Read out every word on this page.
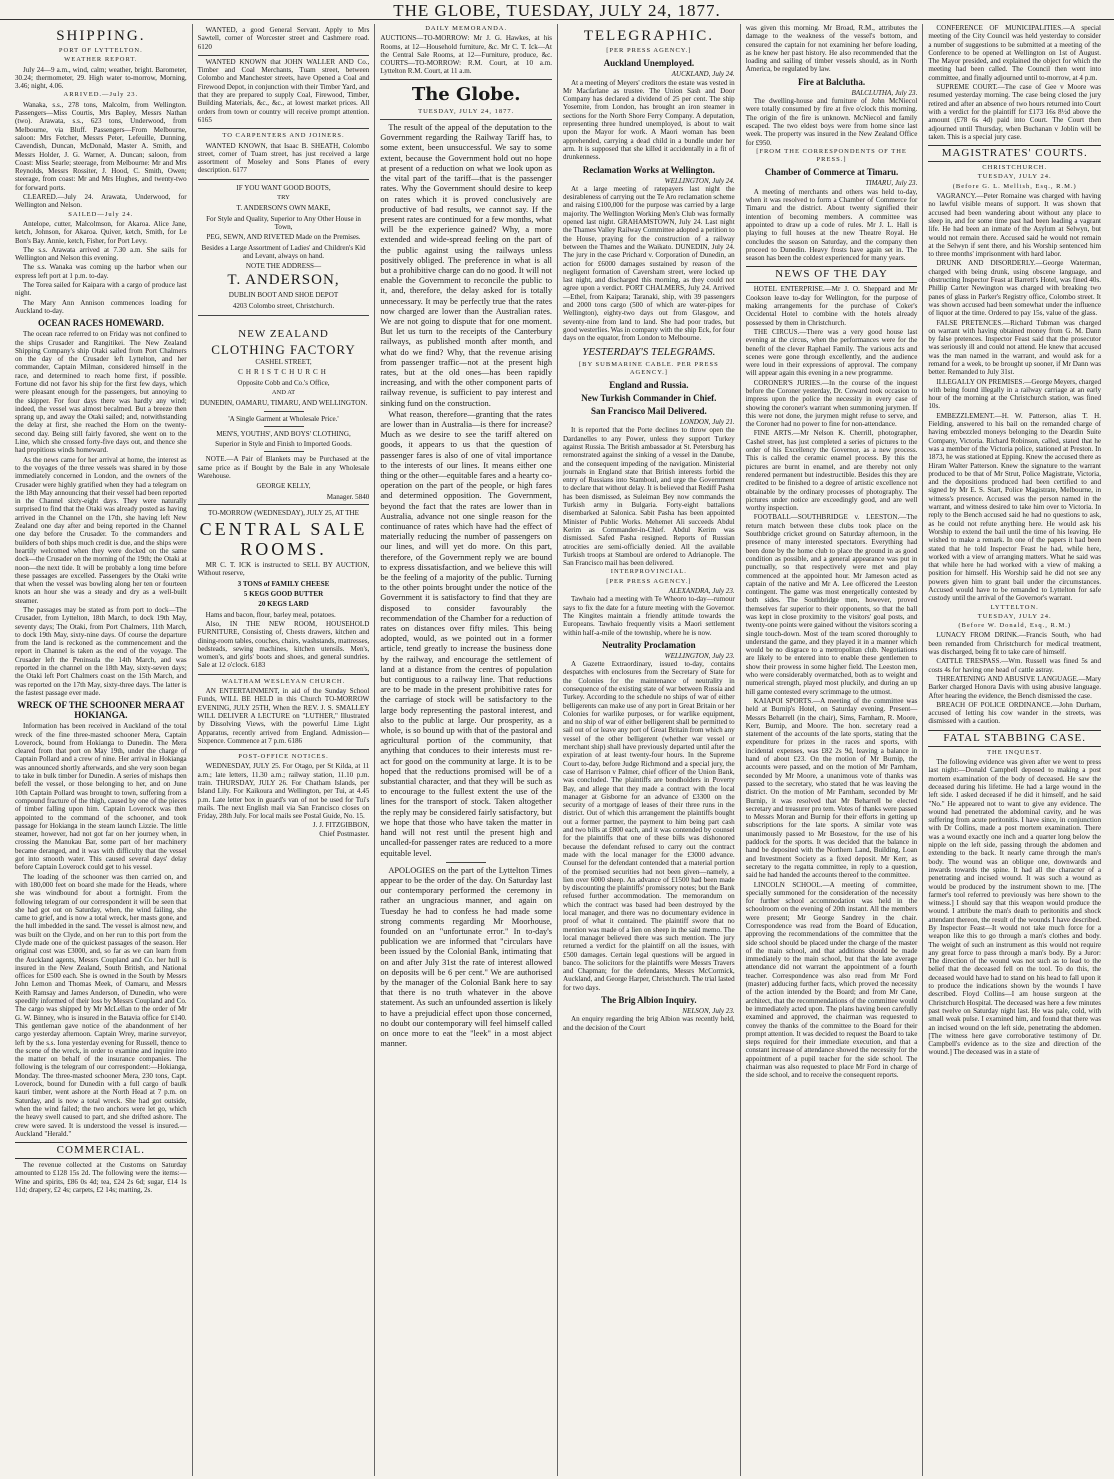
THE GLOBE, TUESDAY, JULY 24, 1877.
SHIPPING.
PORT OF LYTTELTON.
WEATHER REPORT.

July 24—9 a.m., wind, calm; weather, bright. Barometer, 30.24; thermometer, 29. High water to-morrow, Morning, 3.46; night, 4.06.

ARRIVED.—July 23.

Wanaka, s.s., 278 tons, Malcolm, from Wellington. Passengers—Miss Courtis, Mrs Bapley, Messrs Nathan (two). Arawata, s.s., 623 tons, Underwood, from Melbourne, via Bluff. Passengers—From Melbourne, saloon: Mrs Fetcher, Messrs Peter, Lefeuille, Dunning, Cavendish, Duncan, McDonald, Master A. Smith, and Messrs Holder, J. G. Warner, A. Duncan; saloon, from Coast: Miss Searle; steerage, from Melbourne: Mr and Mrs Reynolds, Messrs Rossiter, J. Hood, C. Smith, Owen; steerage, from coast: Mr and Mrs Hughes, and twenty-two for forward ports.

CLEARED.—July 24. Arawata, Underwood, for Wellington and Nelson.

SAILED—July 24.

Antelope, cutter, Malcolmson, for Akaroa. Alice Jane, ketch, Johnson, for Akaroa. Quiver, ketch, Smith, for Le Bon's Bay. Annie, ketch, Fisher, for Port Levy.

The s.s. Arawata arrived at 7.30 a.m. She sails for Wellington and Nelson this evening.

The s.s. Wanaka was coming up the harbor when our express left port at 1 p.m. to-day.

The Torea sailed for Kaipara with a cargo of produce last night.

The Mary Ann Annison commences loading for Auckland to-day.

OCEAN RACES HOMEWARD.

The ocean race referred to on Friday was not confined to the ships Crusader and Rangitikei. The New Zealand Shipping Company's ship Otaki sailed from Port Chalmers on the day of the Crusader left Lyttelton, and her commander, Captain Milman, considered himself in the race, and determined to reach home first, if possible. Fortune did not favor his ship for the first few days, which were pleasant enough for the passengers, but annoying to the skipper. For four days there was hardly any wind; indeed, the vessel was almost becalmed. But a breeze then sprang up, and away the Otaki sailed; and, notwithstanding the delay at first, she reached the Horn on the twenty-second day. Being still fairly favored, she went on to the Line, which she crossed forty-five days out, and thence she had propitious winds homeward.

As the news came for her arrival at home, the interest as to the voyages of the three vessels was shared in by those immediately concerned in London, and the owners of the Crusader were highly gratified when they had a telegram on the 18th May announcing that their vessel had been reported in the Channel sixty-eight days. They were naturally surprised to find that the Otaki was already posted as having arrived in the Channel on the 17th, she having left New Zealand one day after and being reported in the Channel one day before the Crusader. To the commanders and builders of both ships much credit is due, and the ships were heartily welcomed when they were docked on the same dock—the Crusader on the morning of the 19th; the Otaki at noon—the next tide. It will be probably a long time before these passages are excelled. Passengers by the Otaki write that when the vessel was bowling along her ten or fourteen knots an hour she was a steady and dry as a well-built steamer.

The passages may be stated as from port to dock—The Crusader, from Lyttelton, 18th March, to dock 19th May, seventy days; The Otaki, from Port Chalmers, 11th March, to dock 19th May, sixty-nine days. Of course the departure from the land is reckoned as the commencement and the report in Channel is taken as the end of the voyage. The Crusader left the Peninsula the 14th March, and was reported in the channel on the 18th May, sixty-seven days; the Otaki left Port Chalmers coast on the 15th March, and was reported on the 17th May, sixty-three days. The latter is the fastest passage ever made.

WRECK OF THE SCHOONER MERA AT HOKIANGA.

Information has been received in Auckland of the total wreck of the fine three-masted schooner Mera, Captain Loverock, bound from Hokianga to Dunedin. The Mera cleared from that port on May 19th, under the charge of Captain Pollard and a crew of nine. Her arrival in Hokianga was announced shortly afterwards, and she very soon began to take in bulk timber for Dunedin. A series of mishaps then befell the vessel, or those belonging to her, and on June 10th Captain Pollard was brought to town, suffering from a compound fracture of the thigh, caused by one of the pieces of timber falling upon him. Captain Loverock was then appointed to the command of the schooner, and took passage for Hokianga in the steam launch Lizzie. The little steamer, however, had not got far on her journey when, in crossing the Manukau Bar, some part of her machinery became deranged, and it was with difficulty that the vessel got into smooth water. This caused several days' delay before Captain Loverock could get to his vessel.

The loading of the schooner was then carried on, and with 180,000 feet on board she made for the Heads, where she was windbound for about a fortnight. From the following telegram of our correspondent it will be seen that she had got out on Saturday, when, the wind failing, she came to grief, and is now a total wreck, her masts gone, and the hull imbedded in the sand. The vessel is almost new, and was built on the Clyde, and on her run to this port from the Clyde made one of the quickest passages of the season. Her original cost was £3000, and, so far as we can learn from the Auckland agents, Messrs Coupland and Co. her hull is insured in the New Zealand, South British, and National offices for £500 each. She is owned in the South by Messrs John Lemon and Thomas Meek, of Oamaru, and Messrs Keith Ramsay and James Anderson, of Dunedin, who were speedily informed of their loss by Messrs Coupland and Co. The cargo was shipped by Mr McLellan to the order of Mr G. W. Binney, who is insured in the Batavia office for £140. This gentleman gave notice of the abandonment of her cargo yesterday afternoon. Captain Wrey, marine surveyor, left by the s.s. Iona yesterday evening for Russell, thence to the scene of the wreck, in order to examine and inquire into the matter on behalf of the insurance companies. The following is the telegram of our correspondent:—Hokianga, Monday. The three-masted schooner Mera, 230 tons, Capt. Loverock, bound for Dunedin with a full cargo of baulk kauri timber, went ashore at the North Head at 7 p.m. on Saturday, and is now a total wreck. She had got outside, when the wind failed; the two anchors were let go, which the heavy swell caused to part, and she drifted ashore. The crew were saved. It is understood the vessel is insured.—Auckland "Herald."

COMMERCIAL.

The revenue collected at the Customs on Saturday amounted to £128 15s 2d. The following were the items:—Wine and spirits, £86 0s 4d; tea, £24 2s 6d; sugar, £14 1s 11d; drapery, £2 4s; carpets, £2 14s; matting, 2s.

WANTED, a good General Servant. Apply to Mrs Sawtell, corner of Worcester street and Cashmere road. 6120

WANTED KNOWN that JOHN WALLER AND Co., Timber and Coal Merchants, Tuam street, between Colombo and Manchester streets, have Opened a Coal and Firewood Depot, in conjunction with their Timber Yard, and that they are prepared to supply Coal, Firewood, Timber, Building Materials, &c., &c., at lowest market prices. All orders from town or country will receive prompt attention. 6165

TO CARPENTERS AND JOINERS.

WANTED KNOWN, that Isaac B. SHEATH, Colombo street, corner of Tuam street, has just received a large assortment of Moseley and Sons Planes of every description. 6177

IF YOU WANT GOOD BOOTS,
TRY
T. ANDERSON'S OWN MAKE,
For Style and Quality, Superior to Any Other House in Town,
PEG, SEWN, AND RIVETED Made on the Premises.
Besides a Large Assortment of Ladies' and Children's Kid and Levant, always on hand.
NOTE THE ADDRESS—
T. ANDERSON,
DUBLIN BOOT AND SHOE DEPOT
4203 Colombo street, Christchurch.
NEW ZEALAND
CLOTHING FACTORY
CASHEL STREET,
CHRISTCHURCH
Opposite Cobb and Co.'s Office,
AND AT
DUNEDIN, OAMARU, TIMARU, AND WELLINGTON.
'A Single Garment at Wholesale Price.'
MEN'S, YOUTHS', AND BOYS' CLOTHING,
Superior in Style and Finish to Imported Goods.

NOTE.—A Pair of Blankets may be Purchased at the same price as if Bought by the Bale in any Wholesale Warehouse.

GEORGE KELLY,
Manager. 5840
TO-MORROW (WEDNESDAY), JULY 25, AT THE
CENTRAL SALE ROOMS.

MR C. T. ICK is instructed to SELL BY AUCTION, Without reserve,

3 TONS of FAMILY CHEESE
5 KEGS GOOD BUTTER
20 KEGS LARD

Hams and bacon, flour, barley meal, potatoes.

Also, IN THE NEW ROOM, HOUSEHOLD FURNITURE, Consisting of, Chests drawers, kitchen and dining-room tables, couches, chairs, washstands, mattresses, bedsteads, sewing machines, kitchen utensils. Men's, women's, and girls' boots and shoes, and general sundries. Sale at 12 o'clock. 6183

WALTHAM WESLEYAN CHURCH.

AN ENTERTAINMENT, in aid of the Sunday School Funds, WILL BE HELD in this Church TO-MORROW EVENING, JULY 25TH, When the REV. J. S. SMALLEY WILL DELIVER A LECTURE on "LUTHER," Illustrated by Dissolving Views, with the powerful Lime Light Apparatus, recently arrived from England. Admission—Sixpence. Commence at 7 p.m. 6186

POST-OFFICE NOTICES.

WEDNESDAY, JULY 25. For Otago, per St Kilda, at 11 a.m.; late letters, 11.30 a.m.; railway station, 11.10 p.m. train. THURSDAY, JULY 26. For Chatham Islands, per Island Lily. For Kaikoura and Wellington, per Tui, at 4.45 p.m. Late letter box in guard's van of not be used for Tui's mails. The next English mail via San Francisco closes on Friday, 28th July. For local mails see Postal Guide, No. 15.

J. J. FITZGIBBON,
Chief Postmaster.
DAILY MEMORANDA.

AUCTIONS—TO-MORROW: Mr J. G. Hawkes, at his Rooms, at 12—Household furniture, &c. Mr C. T. Ick—At the Central Sale Rooms, at 12—Furniture, produce, &c. COURTS—TO-MORROW: R.M. Court, at 10 a.m. Lyttelton R.M. Court, at 11 a.m.

The Globe.
TUESDAY, JULY 24, 1877.

The result of the appeal of the deputation to the Government regarding the Railway Tariff has, to some extent, been unsuccessful. We say to some extent, because the Government hold out no hope at present of a reduction on what we look upon as the vital part of the tariff—that is the passenger rates. Why the Government should desire to keep on rates which it is proved conclusively are productive of bad results, we cannot say. If the present rates are continued for a few months, what will be the experience gained? Why, a more extended and wide-spread feeling on the part of the public against using the railways unless positively obliged. The preference in what is all but a prohibitive charge can do no good. It will not enable the Government to reconcile the public to it, and, therefore, the delay asked for is totally unnecessary. It may be perfectly true that the rates now charged are lower than the Australian rates. We are not going to dispute that for one moment. But let us turn to the receipts of the Canterbury railways, as published month after month, and what do we find? Why, that the revenue arising from passenger traffic—not at the present high rates, but at the old ones—has been rapidly increasing, and with the other component parts of railway revenue, is sufficient to pay interest and sinking fund on the construction.

What reason, therefore—granting that the rates are lower than in Australia—is there for increase? Much as we desire to see the tariff altered on goods, it appears to us that the question of passenger fares is also of one of vital importance to the interests of our lines. It means either one thing or the other—equitable fares and a hearty co-operation on the part of the people, or high fares and determined opposition. The Government, beyond the fact that the rates are lower than in Australia, advance not one single reason for the continuance of rates which have had the effect of materially reducing the number of passengers on our lines, and will yet do more. On this part, therefore, of the Government reply we are bound to express dissatisfaction, and we believe this will be the feeling of a majority of the public. Turning to the other points brought under the notice of the Government it is satisfactory to find that they are disposed to consider favourably the recommendation of the Chamber for a reduction of rates on distances over fifty miles. This being adopted, would, as we pointed out in a former article, tend greatly to increase the business done by the railway, and encourage the settlement of land at a distance from the centres of population but contiguous to a railway line. That reductions are to be made in the present prohibitive rates for the carriage of stock will be satisfactory to the large body representing the pastoral interest, and also to the public at large. Our prosperity, as a whole, is so bound up with that of the pastoral and agricultural portion of the community, that anything that conduces to their interests must re-act for good on the community at large. It is to be hoped that the reductions promised will be of a substantial character, and that they will be such as to encourage to the fullest extent the use of the lines for the transport of stock. Taken altogether the reply may be considered fairly satisfactory, but we hope that those who have taken the matter in hand will not rest until the present high and uncalled-for passenger rates are reduced to a more equitable level.

APOLOGIES on the part of the Lyttelton Times appear to be the order of the day. On Saturday last our contemporary performed the ceremony in rather an ungracious manner, and again on Tuesday he had to confess he had made some strong comments regarding Mr Moorhouse, founded on an "unfortunate error." In to-day's publication we are informed that "circulars have been issued by the Colonial Bank, intimating that on and after July 31st the rate of interest allowed on deposits will be 6 per cent." We are authorised by the manager of the Colonial Bank here to say that there is no truth whatever in the above statement. As such an unfounded assertion is likely to have a prejudicial effect upon those concerned, no doubt our contemporary will feel himself called on once more to eat the "leek" in a most abject manner.

TELEGRAPHIC.
[PER PRESS AGENCY.]
Auckland Unemployed.
AUCKLAND, July 24.

At a meeting of Meyers' creditors the estate was vested in Mr Macfarlane as trustee. The Union Sash and Door Company has declared a dividend of 25 per cent. The ship Yosemite, from London, has brought an iron steamer in sections for the North Shore Ferry Company. A deputation, representing three hundred unemployed, is about to wait upon the Mayor for work. A Maori woman has been apprehended, carrying a dead child in a bundle under her arm. It is supposed that she killed it accidentally in a fit of drunkenness.

Reclamation Works at Wellington.
WELLINGTON, July 24.

At a large meeting of ratepayers last night the desirableness of carrying out the Te Aro reclamation scheme and raising £100,000 for the purpose was carried by a large majority. The Wellington Working Men's Club was formally opened last night. GRAHAMSTOWN, July 24. Last night the Thames Valley Railway Committee adopted a petition to the House, praying for the construction of a railway between the Thames and the Waikato. DUNEDIN, July 24. The jury in the case Prichard v. Corporation of Dunedin, an action for £6000 damages sustained by reason of the negligent formation of Caversham street, were locked up last night, and discharged this morning, as they could not agree upon a verdict. PORT CHALMERS, July 24. Arrived—Ethel, from Kaipara; Taranaki, ship, with 39 passengers and 2000 tons cargo (500 of which are water-pipes for Wellington), eighty-two days out from Glasgow, and seventy-nine from land to land. She had poor trades, but good westerlies. Was in company with the ship Eck, for four days on the equator, from London to Melbourne.

YESTERDAY'S TELEGRAMS.
[BY SUBMARINE CABLE. PER PRESS AGENCY.]
England and Russia.
New Turkish Commander in Chief.
San Francisco Mail Delivered.
LONDON, July 21.

It is reported that the Porte declines to throw open the Dardanelles to any Power, unless they support Turkey against Russia. The British ambassador at St. Petersburg has remonstrated against the sinking of a vessel in the Danube, and the consequent impeding of the navigation. Ministerial journals in England state that British interests forbid the entry of Russians into Stamboul, and urge the Government to declare that without delay. It is believed that Rediff Pasha has been dismissed, as Suleiman Bey now commands the Turkish army in Bulgaria. Forty-eight battalions disembarked at Salonica. Sabit Pasha has been appointed Minister of Public Works. Mehemet Ali succeeds Abdul Kerim as Commander-in-Chief. Abdul Kerim was dismissed. Safed Pasha resigned. Reports of Russian atrocities are semi-officially denied. All the available Turkish troops at Stamboul are ordered to Adrianople. The San Francisco mail has been delivered.

INTERPROVINCIAL.
[PER PRESS AGENCY.]
ALEXANDRA, July 23.

Tawhaio had a meeting with Te Wheoro to-day—rumour says to fix the date for a future meeting with the Governor. The Kingites maintain a friendly attitude towards the Europeans. Tawhaio frequently visits a Maori settlement within half-a-mile of the township, where he is now.

Neutrality Proclamation
WELLINGTON, July 23.

A Gazette Extraordinary, issued to-day, contains despatches with enclosures from the Secretary of State for the Colonies for the maintenance of neutrality in consequence of the existing state of war between Russia and Turkey. According to the schedule no ships of war of either belligerents can make use of any port in Great Britain or her Colonies for warlike purposes, or for warlike equipment, and no ship of war of either belligerent shall be permitted to sail out of or leave any port of Great Britain from which any vessel of the other belligerent (whether war vessel or merchant ship) shall have previously departed until after the expiration of at least twenty-four hours. In the Supreme Court to-day, before Judge Richmond and a special jury, the case of Harrison v Palmer, chief officer of the Union Bank, was concluded. The plaintiffs are bondholders in Poverty Bay, and allege that they made a contract with the local manager at Gisborne for an advance of £3300 on the security of a mortgage of leases of their three runs in the district. Out of which this arrangement the plaintiffs bought out a former partner, the payment to him being part cash and two bills at £800 each, and it was contended by counsel for the plaintiffs that one of these bills was dishonored because the defendant refused to carry out the contract made with the local manager for the £3000 advance. Counsel for the defendant contended that a material portion of the promised securities had not been given—namely, a lien over 6000 sheep. An advance of £1500 had been made by discounting the plaintiffs' promissory notes; but the Bank refused further accommodation. The memorandum on which the contract was based had been destroyed by the local manager, and there was no documentary evidence in proof of what it contained. The plaintiff swore that no mention was made of a lien on sheep in the said memo. The local manager believed there was such mention. The jury returned a verdict for the plaintiff on all the issues, with £500 damages. Certain legal questions will be argued in banco. The solicitors for the plaintiffs were Messrs Travers and Chapman; for the defendants, Messrs McCormick, Auckland, and George Harper, Christchurch. The trial lasted for two days.

The Brig Albion Inquiry.
NELSON, July 23.

An enquiry regarding the brig Albion was recently held, and the decision of the Court

was given this morning. Mr Broad, R.M., attributes the damage to the weakness of the vessel's bottom, and censured the captain for not examining her before loading, as he knew her past history. He also recommended that the loading and sailing of timber vessels should, as in North America, be regulated by law.

Fire at Balclutha.
BALCLUTHA, July 23.

The dwelling-house and furniture of John McNiecol were totally consumed by fire at five o'clock this morning. The origin of the fire is unknown. McNiecol and family escaped. The two eldest boys were from home since last week. The property was insured in the New Zealand Office for £950.

[FROM THE CORRESPONDENTS OF THE PRESS.]
Chamber of Commerce at Timaru.
TIMARU, July 23.

A meeting of merchants and others was held to-day, when it was resolved to form a Chamber of Commerce for Timaru and the district. About twenty signified their intention of becoming members. A committee was appointed to draw up a code of rules. Mr J. L. Hall is playing to full houses at the new Theatre Royal. He concludes the season on Saturday, and the company then proceed to Dunedin. Heavy frosts have again set in. The season has been the coldest experienced for many years.

NEWS OF THE DAY

HOTEL ENTERPRISE.—Mr J. O. Sheppard and Mr Cookson leave to-day for Wellington, for the purpose of making arrangements for the purchase of Coker's Occidental Hotel to combine with the hotels already possessed by them in Christchurch.

THE CIRCUS.—There was a very good house last evening at the circus, when the performances were for the benefit of the clever Raphael Family. The various acts and scenes were gone through excellently, and the audience were loud in their expressions of approval. The company will appear again this evening in a new programme.

CORONER'S JURIES.—In the course of the inquest before the Coroner yesterday, Dr. Coward took occasion to impress upon the police the necessity in every case of showing the coroner's warrant when summoning jurymen. If this were not done, the jurymen might refuse to serve, and the Coroner had no power to fine for non-attendance.

FINE ARTS.—Mr Nelson K. Cherrill, photographer, Cashel street, has just completed a series of pictures to the order of his Excellency the Governor, as a new process. This is called the ceramic enamel process. By this the pictures are burnt in enamel, and are thereby not only rendered permanent but indestructible. Besides this they are credited to be finished to a degree of artistic excellence not obtainable by the ordinary processes of photography. The pictures under notice are exceedingly good, and are well worthy inspection.

FOOTBALL—SOUTHBRIDGE v. LEESTON.—The return match between these clubs took place on the Southbridge cricket ground on Saturday afternoon, in the presence of many interested spectators. Everything had been done by the home club to place the ground in as good condition as possible, and a general appearance was put in punctually, so that respectively were met and play commenced at the appointed hour. Mr Jameson acted as captain of the native and Mr A. Lee officered the Leeston contingent. The game was most energetically contested by both sides. The Southbridge men, however, proved themselves far superior to their opponents, so that the ball was kept in close proximity to the visitors' goal posts, and twenty-one points were gained without the visitors scoring a single touch-down. Most of the team scored thoroughly to understand the game, and they played it in a manner which would be no disgrace to a metropolitan club. Negotiations are likely to be entered into to enable these gentlemen to show their prowess in some higher field. The Leeston men, who were considerably overmatched, both as to weight and numerical strength, played most pluckily, and during an up hill game contested every scrimmage to the utmost.

KAIAPOI SPORTS.—A meeting of the committee was held at Burnip's Hotel, on Saturday evening. Present—Messrs Beharrell (in the chair), Sims, Farnham, R. Moore, Kerr, Burnip, and Moore. The hon. secretary read a statement of the accounts of the late sports, stating that the expenditure for prizes in the races and sports, with incidental expenses, was £82 2s 9d, leaving a balance in hand of about £23. On the motion of Mr Burnip, the accounts were passed, and on the motion of Mr Parnham, seconded by Mr Moore, a unanimous vote of thanks was passed to the secretary, who stated that he was leaving the district. On the motion of Mr Parnham, seconded by Mr Burnip, it was resolved that Mr Beharrell be elected secretary and treasurer pro tem. Votes of thanks were passed to Messrs Moran and Burnip for their efforts in getting up subscriptions for the late sports. A similar vote was unanimously passed to Mr Bosestow, for the use of his paddock for the sports. It was decided that the balance in hand be deposited with the Northern Land, Building, Loan and Investment Society as a fixed deposit. Mr Kerr, as secretary to the regatta committee, in reply to a question, said he had handed the accounts thereof to the committee.

LINCOLN SCHOOL.—A meeting of committee, specially summoned for the consideration of the necessity for further school accommodation was held in the schoolroom on the evening of 20th instant. All the members were present; Mr George Sandrey in the chair. Correspondence was read from the Board of Education, approving the recommendations of the committee that the side school should be placed under the charge of the master of the main school, and that additions should be made immediately to the main school, but that the late average attendance did not warrant the appointment of a fourth teacher. Correspondence was also read from Mr Ford (master) adducing further facts, which proved the necessity of the action intended by the Board; and from Mr Cane, architect, that the recommendations of the committee would be immediately acted upon. The plans having been carefully examined and approved, the chairman was requested to convey the thanks of the committee to the Board for their prompt attention. It was decided to request the Board to take steps required for their immediate execution, and that a constant increase of attendance showed the necessity for the appointment of a pupil teacher for the side school. The chairman was also requested to place Mr Ford in charge of the side school, and to receive the consequent reports.

CONFERENCE OF MUNICIPALITIES.—A special meeting of the City Council was held yesterday to consider a number of suggestions to be submitted at a meeting of the Conference to be opened at Wellington on 1st of August. The Mayor presided, and explained the object for which the meeting had been called. The Council then went into committee, and finally adjourned until to-morrow, at 4 p.m.

SUPREME COURT.—The case of Gee v Moore was resumed yesterday morning. The case being closed the jury retired and after an absence of two hours returned into Court with a verdict for the plaintiff for £173 16s 8½d above the amount (£78 6s 4d) paid into Court. The Court then adjourned until Thursday, when Buchanan v Joblin will be taken. This is a special jury case.

MAGISTRATES' COURTS.
CHRISTCHURCH.
TUESDAY, JULY 24.
(Before G. L. Mellish, Esq., R.M.)

VAGRANCY.—Peter Romaine was charged with having no lawful visible means of support. It was shown that accused had been wandering about without any place to sleep in, and for some time past had been leading a vagrant life. He had been an inmate of the Asylum at Selwyn, but would not remain there. Accused said he would not remain at the Selwyn if sent there, and his Worship sentenced him to three months' imprisonment with hard labor.

DRUNK AND DISORDERLY.—George Waterman, charged with being drunk, using obscene language, and obstructing Inspector Feast at Barrett's Hotel, was fined 40s. Phillip Carter Newington was charged with breaking two panes of glass in Parker's Registry office, Colombo street. It was shown accused had been somewhat under the influence of liquor at the time. Ordered to pay 15s, value of the glass.

FALSE PRETENCES.—Richard Tubman was charged on warrant with having obtained money from G. M. Dann by false pretences. Inspector Feast said that the prosecutor was seriously ill and could not attend. He knew that accused was the man named in the warrant, and would ask for a remand for a week, to be brought up sooner, if Mr Dann was better. Remanded to July 31st.

ILLEGALLY ON PREMISES.—George Meyers, charged with being found illegally in a railway carriage at an early hour of the morning at the Christchurch station, was fined 10s.

EMBEZZLEMENT.—H. W. Patterson, alias T. H. Fielding, answered to his bail on the remanded charge of having embezzled moneys belonging to the Deardin Suite Company, Victoria. Richard Robinson, called, stated that he was a member of the Victoria police, stationed at Preston. In 1873, he was stationed at Epping. Knew the accused there as Hiram Walter Patterson. Knew the signature to the warrant produced to be that of Mr Strut, Police Magistrate, Victoria, and the depositions produced had been certified to and signed by Mr E. S. Start, Police Magistrate, Melbourne, in witness's presence. Accused was the person named in the warrant, and witness desired to take him over to Victoria. In reply to the Bench accused said he had no questions to ask, as he could not refute anything here. He would ask his Worship to extend the bail until the time of his leaving. He wished to make a remark. In one of the papers it had been stated that he told Inspector Feast he had, while here, worked with a view of arranging matters. What he said was that while here he had worked with a view of making a position for himself. His Worship said he did not see any powers given him to grant bail under the circumstances. Accused would have to be remanded to Lyttelton for safe custody until the arrival of the Governor's warrant.

LYTTELTON.
TUESDAY, JULY 24.
(Before W. Donald, Esq., R.M.)

LUNACY FROM DRINK.—Francis South, who had been remanded from Christchurch for medical treatment, was discharged, being fit to take care of himself.

CATTLE TRESPASS.—Wm. Russell was fined 5s and costs 4s for having one head of cattle astray.

THREATENING AND ABUSIVE LANGUAGE.—Mary Barker charged Honora Davis with using abusive language. After hearing the evidence, the Bench dismissed the case.

BREACH OF POLICE ORDINANCE.—John Durham, accused of letting his cow wander in the streets, was dismissed with a caution.

FATAL STABBING CASE.
THE INQUEST.

The following evidence was given after we went to press last night:—Donald Campbell deposed to making a post mortem examination of the body of deceased. He saw the deceased during his lifetime. He had a large wound in the left side. I asked deceased if he did it himself, and he said "No." He appeared not to want to give any evidence. The wound had penetrated the abdominal cavity, and he was suffering from acute peritonitis. I have since, in conjunction with Dr Collins, made a post mortem examination. There was a wound exactly one inch and a quarter long below the nipple on the left side, passing through the abdomen and extending to the back. It nearly came through the man's body. The wound was an oblique one, downwards and inwards towards the spine. It had all the character of a penetrating and incised wound. It was such a wound as would be produced by the instrument shown to me. [The farmer's tool referred to previously was here shown to the witness.] I should say that this weapon would produce the wound. I attribute the man's death to peritonitis and shock attendant thereon, the result of the wounds I have described. By Inspector Feast—It would not take much force for a weapon like this to go through a man's clothes and body. The weight of such an instrument as this would not require any great force to pass through a man's body. By a Juror: The direction of the wound was not such as to lead to the belief that the deceased fell on the tool. To do this, the deceased would have had to stand on his head to fall upon it to produce the indications shown by the wounds I have described. Floyd Collins—I am house surgeon at the Christchurch Hospital. The deceased was here a few minutes past twelve on Saturday night last. He was pale, cold, with small weak pulse. I examined him, and found that there was an incised wound on the left side, penetrating the abdomen. [The witness here gave corroborative testimony of Dr. Campbell's evidence as to the size and direction of the wound.] The deceased was in a state of
